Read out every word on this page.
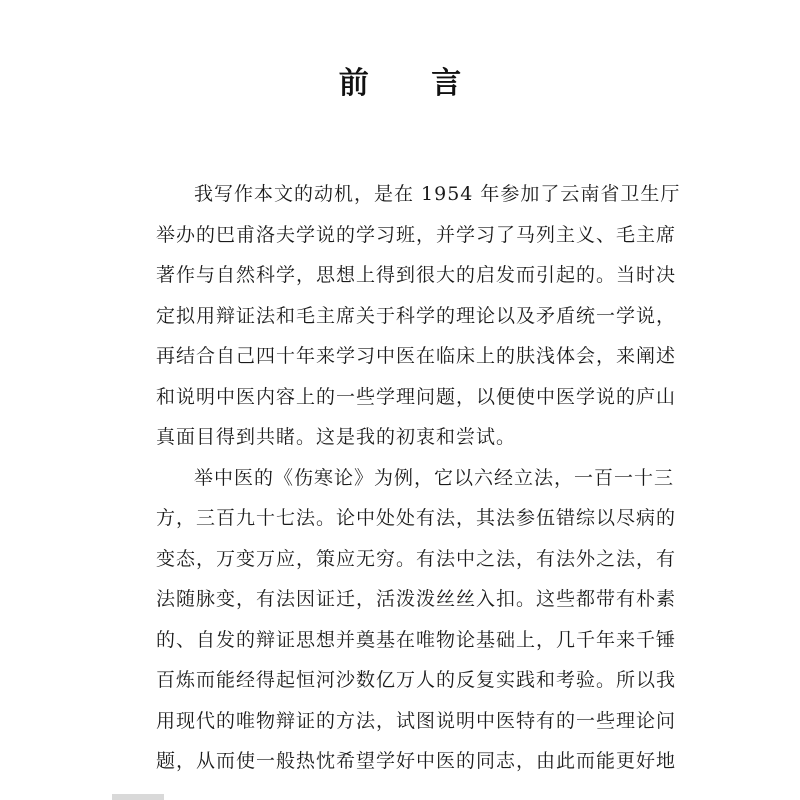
前 言
我写作本文的动机，是在 1954 年参加了云南省卫生厅
举办的巴甫洛夫学说的学习班，并学习了马列主义、毛主席
著作与自然科学，思想上得到很大的启发而引起的。当时决
定拟用辩证法和毛主席关于科学的理论以及矛盾统一学说，
再结合自己四十年来学习中医在临床上的肤浅体会，来阐述
和说明中医内容上的一些学理问题，以便使中医学说的庐山
真面目得到共睹。这是我的初衷和尝试。
举中医的《伤寒论》为例，它以六经立法，一百一十三
方，三百九十七法。论中处处有法，其法参伍错综以尽病的
变态，万变万应，策应无穷。有法中之法，有法外之法，有
法随脉变，有法因证迁，活泼泼丝丝入扣。这些都带有朴素
的、自发的辩证思想并奠基在唯物论基础上，几千年来千锤
百炼而能经得起恒河沙数亿万人的反复实践和考验。所以我
用现代的唯物辩证的方法，试图说明中医特有的一些理论问
题，从而使一般热忱希望学好中医的同志，由此而能更好地
